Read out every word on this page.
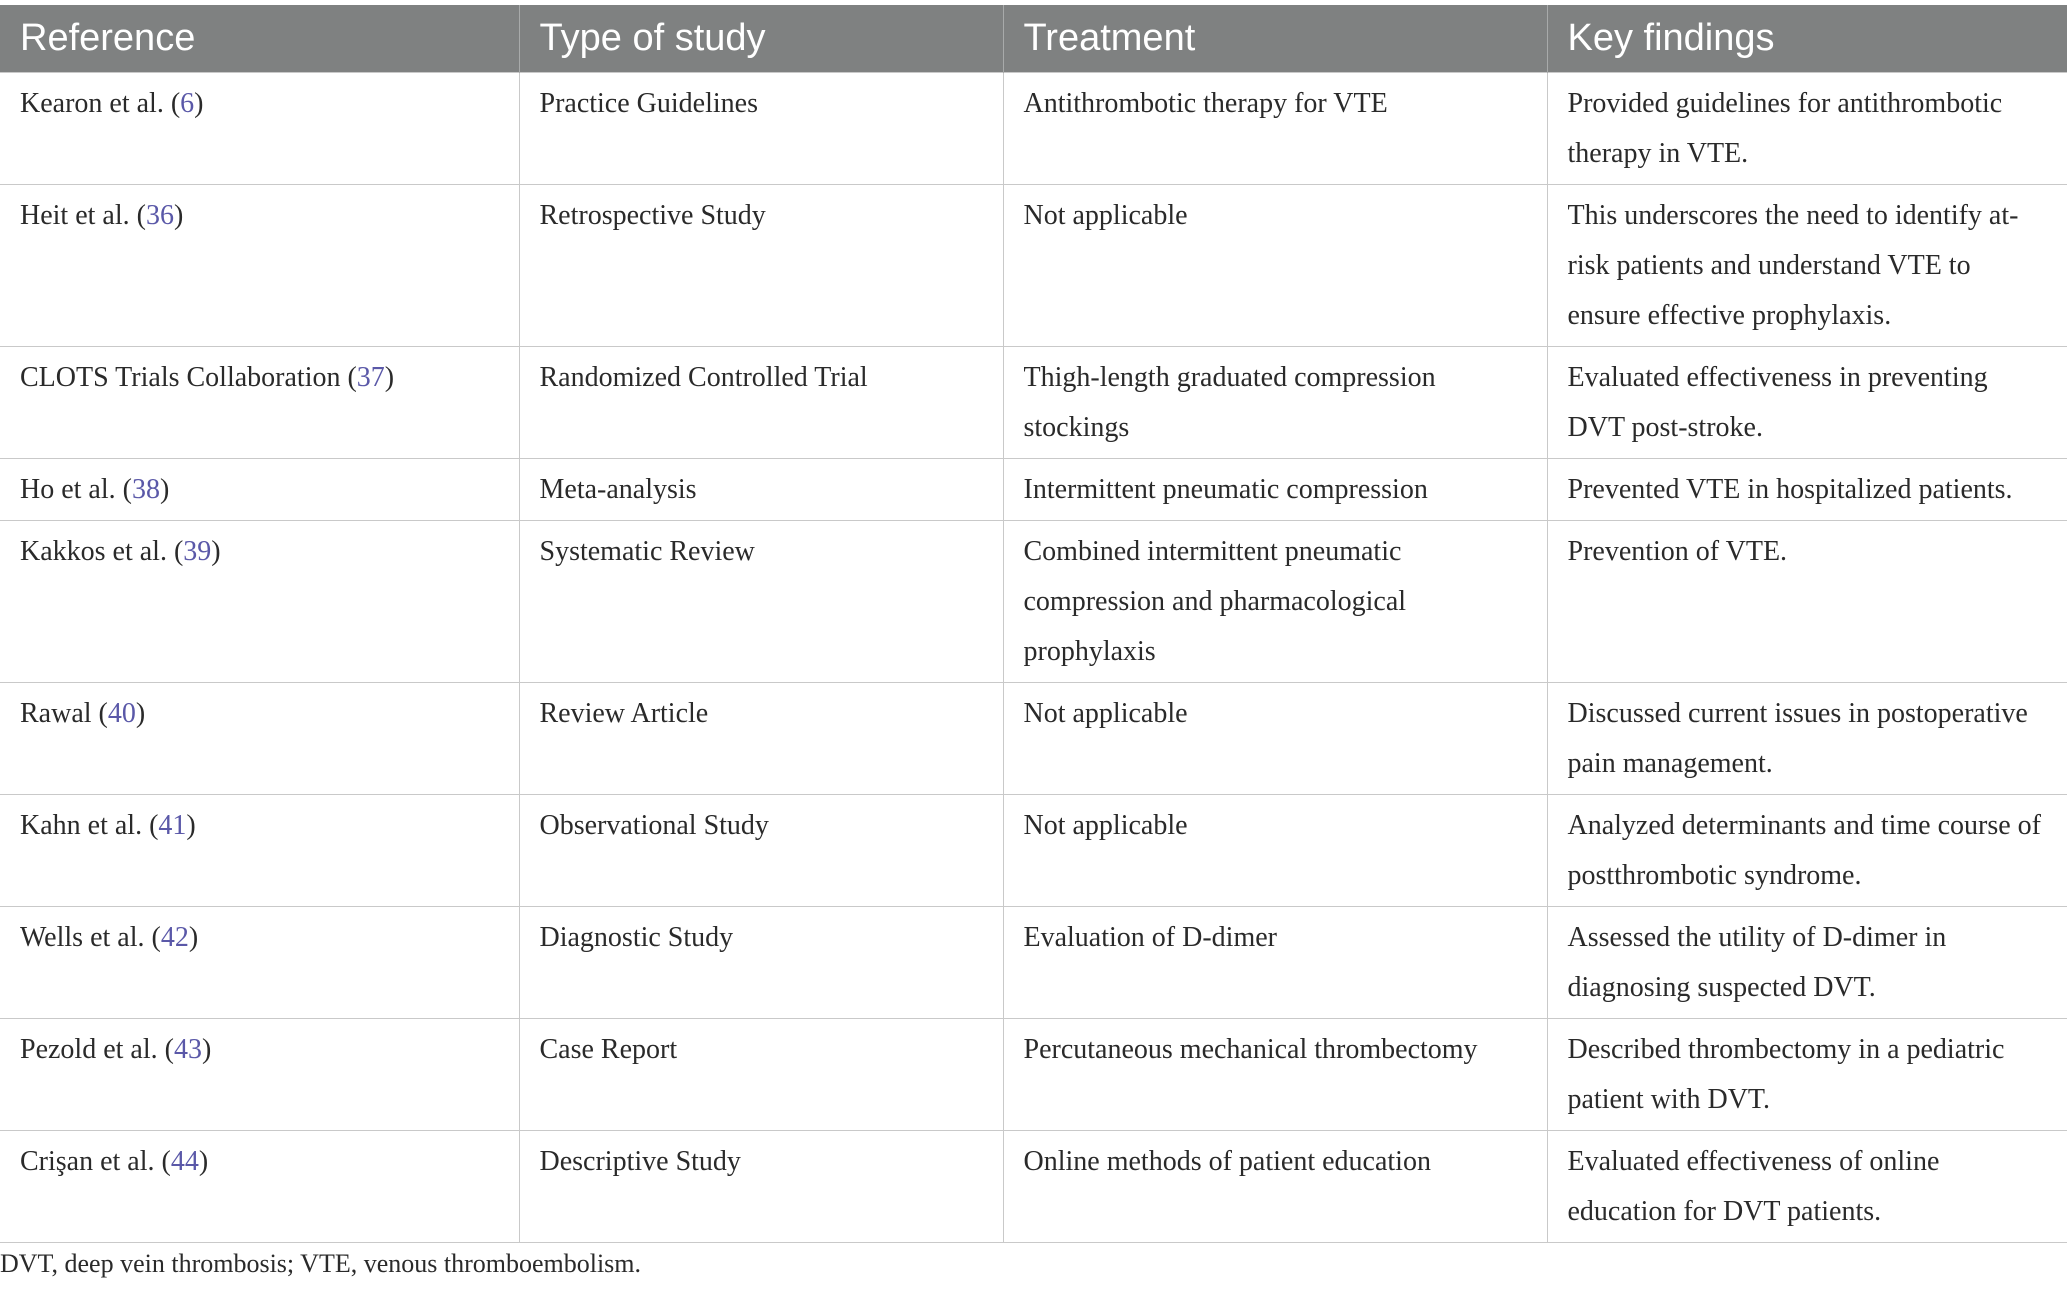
Reference	Type of study	Treatment	Key findings
Kearon et al. (6)	Practice Guidelines	Antithrombotic therapy for VTE	Provided guidelines for antithrombotic therapy in VTE.
Heit et al. (36)	Retrospective Study	Not applicable	This underscores the need to identify at-risk patients and understand VTE to ensure effective prophylaxis.
CLOTS Trials Collaboration (37)	Randomized Controlled Trial	Thigh-length graduated compression stockings	Evaluated effectiveness in preventing DVT post-stroke.
Ho et al. (38)	Meta-analysis	Intermittent pneumatic compression	Prevented VTE in hospitalized patients.
Kakkos et al. (39)	Systematic Review	Combined intermittent pneumatic compression and pharmacological prophylaxis	Prevention of VTE.
Rawal (40)	Review Article	Not applicable	Discussed current issues in postoperative pain management.
Kahn et al. (41)	Observational Study	Not applicable	Analyzed determinants and time course of postthrombotic syndrome.
Wells et al. (42)	Diagnostic Study	Evaluation of D-dimer	Assessed the utility of D-dimer in diagnosing suspected DVT.
Pezold et al. (43)	Case Report	Percutaneous mechanical thrombectomy	Described thrombectomy in a pediatric patient with DVT.
Crişan et al. (44)	Descriptive Study	Online methods of patient education	Evaluated effectiveness of online education for DVT patients.
DVT, deep vein thrombosis; VTE, venous thromboembolism.
